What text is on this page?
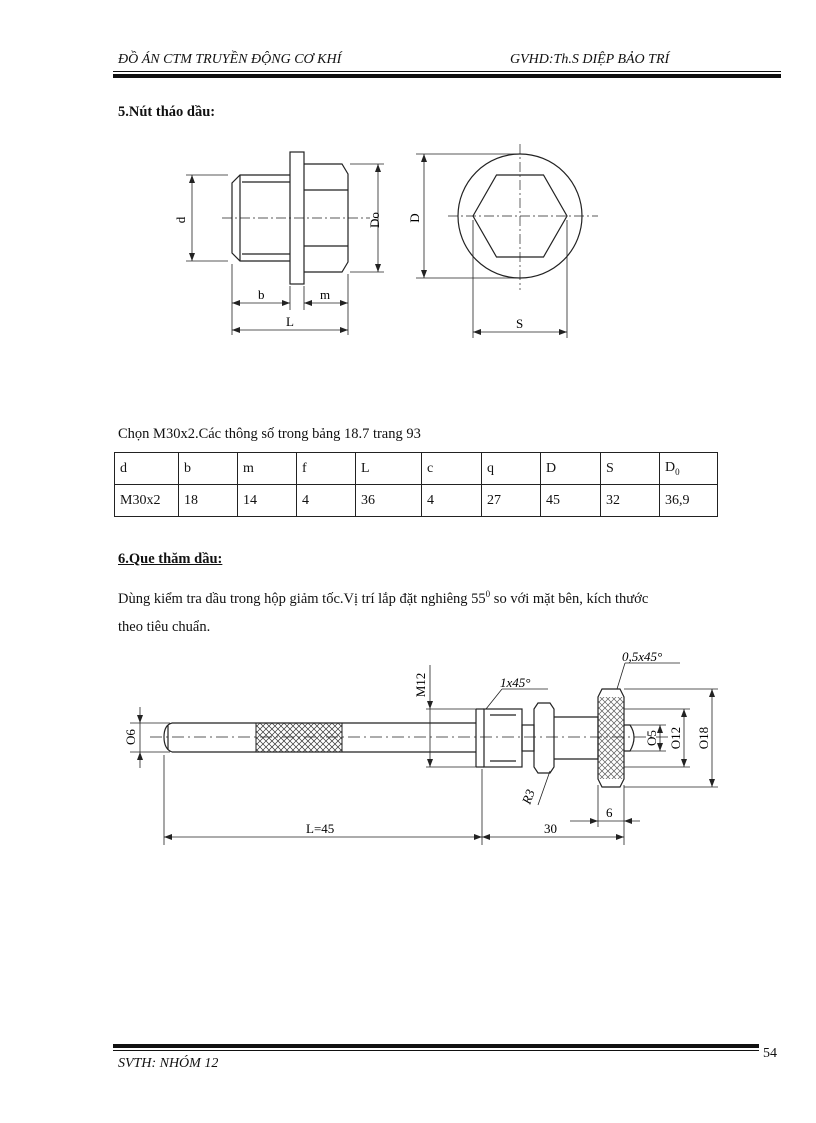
ĐỒ ÁN CTM TRUYỀN ĐỘNG CƠ KHÍ	GVHD:Th.S DIỆP BẢO TRÍ
5.Nút tháo dầu:
d	Do
b	m
L
D
S
Chọn M30x2.Các thông số trong bảng 18.7 trang 93
d	b	m	f	L	c	q	D	S	$D_0$
M30x2	18	14	4	36	4	27	45	32	36,9
6.Que thăm dầu:
Dùng kiểm tra dầu trong hộp giảm tốc.Vị trí lắp đặt nghiêng $55^0$ so với mặt bên, kích thước
theo tiêu chuẩn.
O6
M12	1x45°
0,5x45°
O5 O12 O18
R3
L=45	30
6
SVTH: NHÓM 12
54
